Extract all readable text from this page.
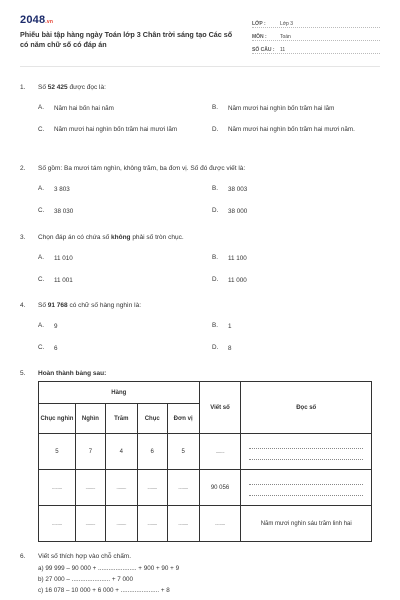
2048.vn
Phiếu bài tập hàng ngày Toán lớp 3 Chân trời sáng tạo Các số có năm chữ số có đáp án
LỚP :	Lớp 3
MÔN :	Toán
SỐ CÂU :	11
1.	Số 52 425 được đọc là:
A.	Năm hai bốn hai năm	B.	Năm mươi hai nghìn bốn trăm hai lăm
C.	Năm mươi hai nghìn bốn trăm hai mươi lăm	D.	Năm mươi hai nghìn bốn trăm hai mươi năm.
2.	Số gồm: Ba mươi tám nghìn, không trăm, ba đơn vị. Số đó được viết là:
A.	3 803	B.	38 003
C.	38 030	D.	38 000
3.	Chọn đáp án có chứa số không phải số tròn chục.
A.	11 010	B.	11 100
C.	11 001	D.	11 000
4.	Số 91 768 có chữ số hàng nghìn là:
A.	9	B.	1
C.	6	D.	8
5.	Hoàn thành bảng sau:
Hàng					Viết số	Đọc số
Chục nghìn	Nghìn	Trăm	Chục	Đơn vị		
5	7	4	6	5	........	

.........	.........	.........	.........	.........	90 056	

.........	.........	.........	.........	.........	.........	Năm mươi nghìn sáu trăm linh hai
6.	Viết số thích hợp vào chỗ chấm.
a) 99 999 – 90 000 + ...................... + 900 + 90 + 9
b) 27 000 – ...................... + 7 000
c) 16 078 – 10 000 + 6 000 + ...................... + 8
